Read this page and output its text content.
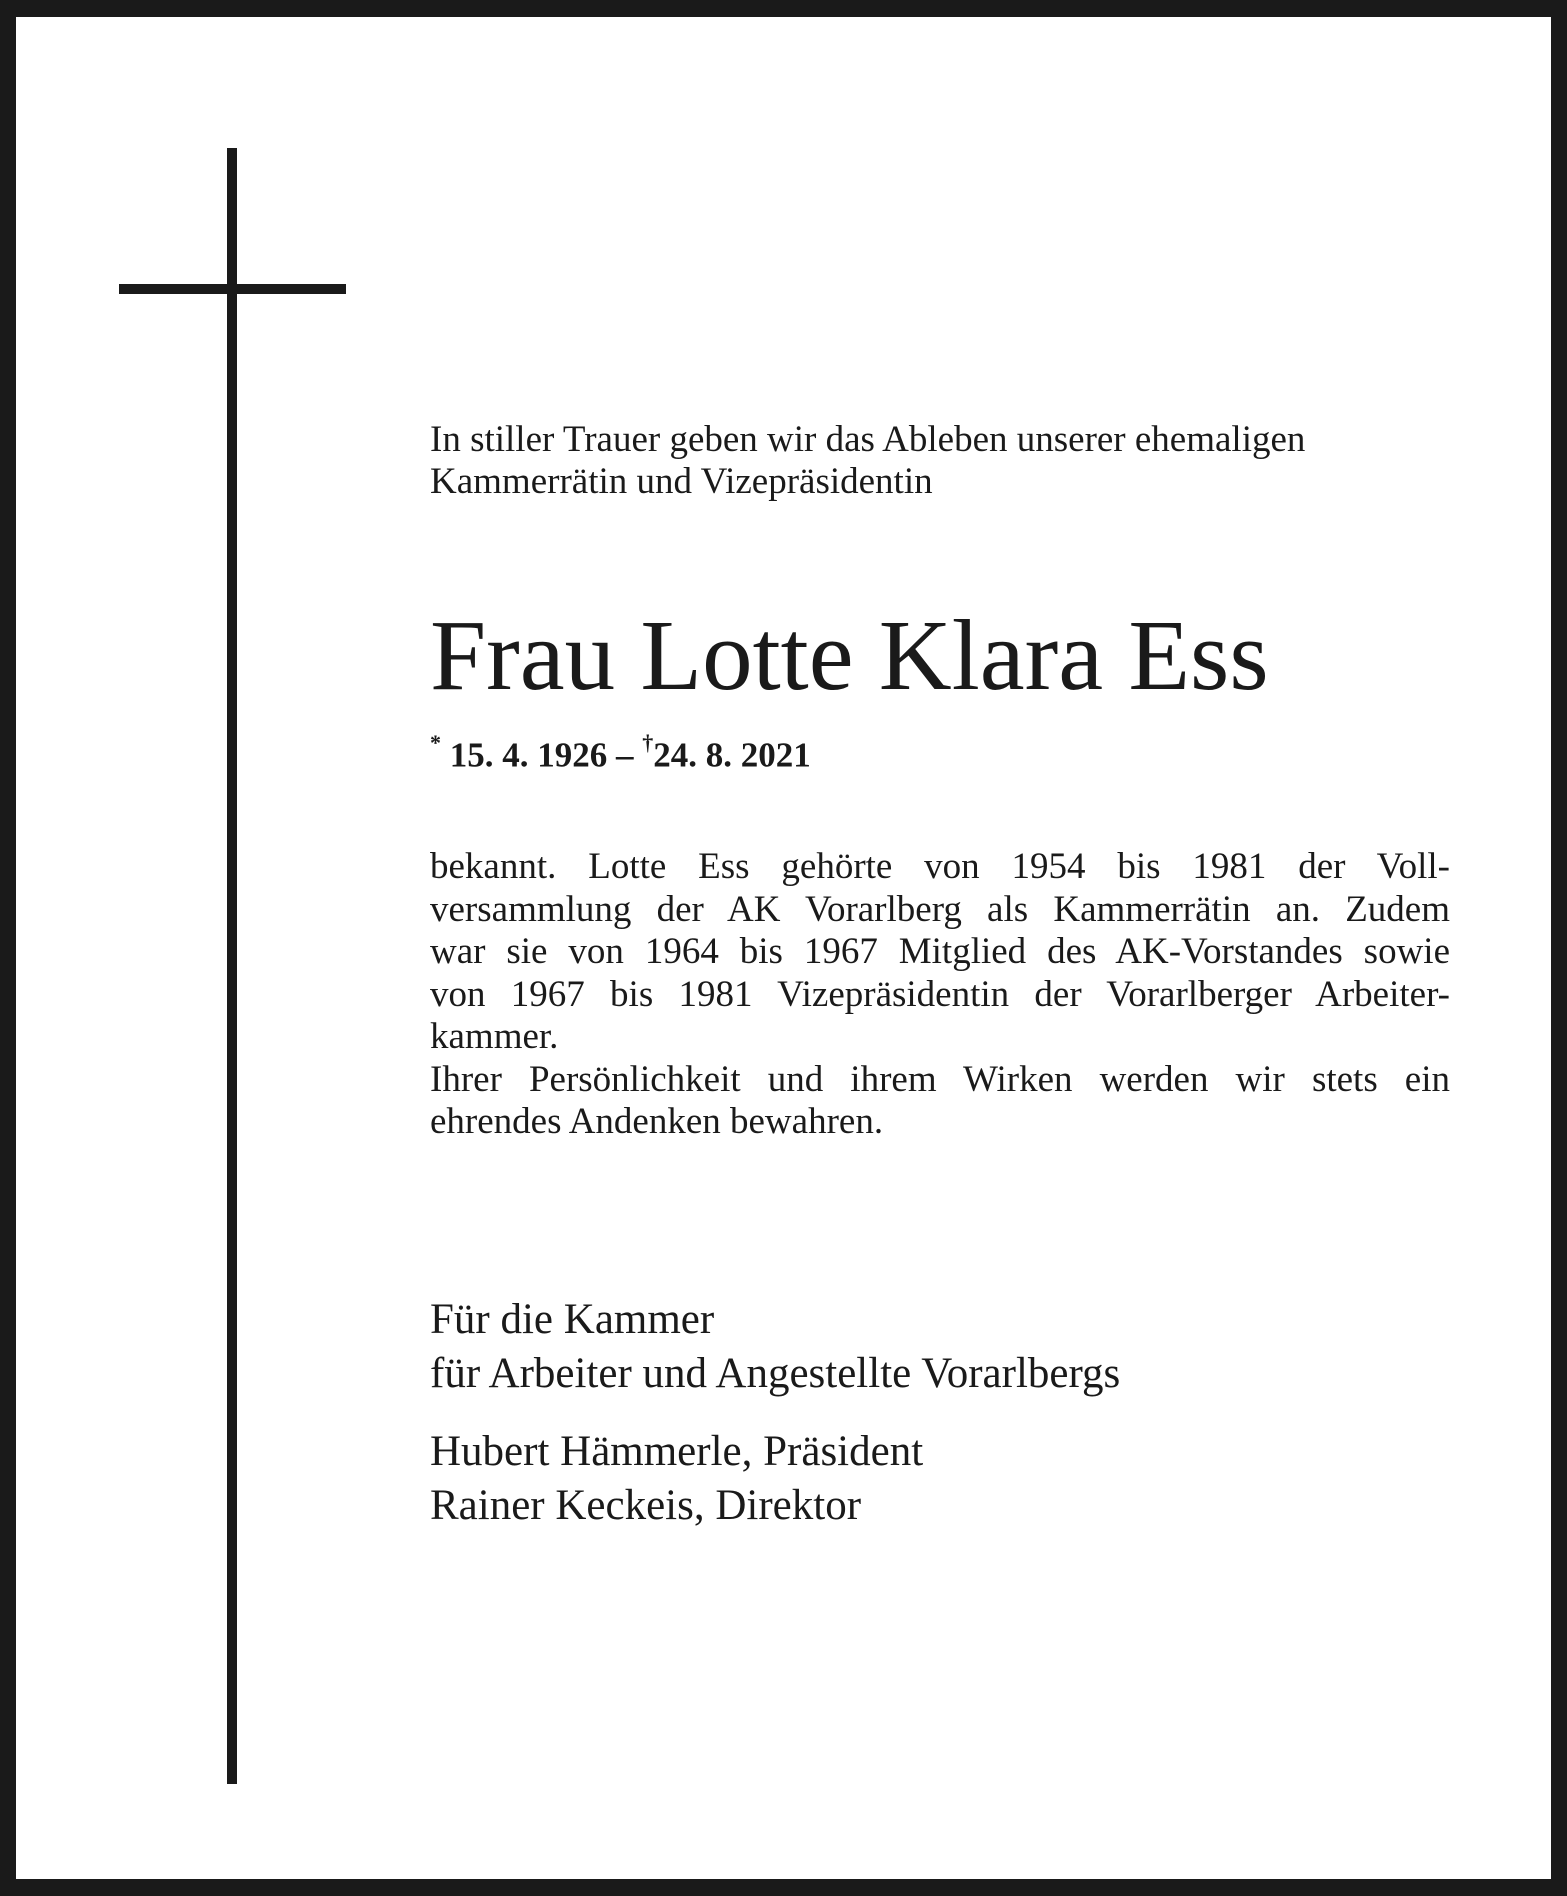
In stiller Trauer geben wir das Ableben unserer ehemaligen
Kammerrätin und Vizepräsidentin

Frau Lotte Klara Ess
* 15. 4. 1926 – †24. 8. 2021

bekannt. Lotte Ess gehörte von 1954 bis 1981 der Voll-
versammlung der AK Vorarlberg als Kammerrätin an. Zudem
war sie von 1964 bis 1967 Mitglied des AK-Vorstandes sowie
von 1967 bis 1981 Vizepräsidentin der Vorarlberger Arbeiter-
kammer.
Ihrer Persönlichkeit und ihrem Wirken werden wir stets ein
ehrendes Andenken bewahren.

Für die Kammer
für Arbeiter und Angestellte Vorarlbergs
Hubert Hämmerle, Präsident
Rainer Keckeis, Direktor
